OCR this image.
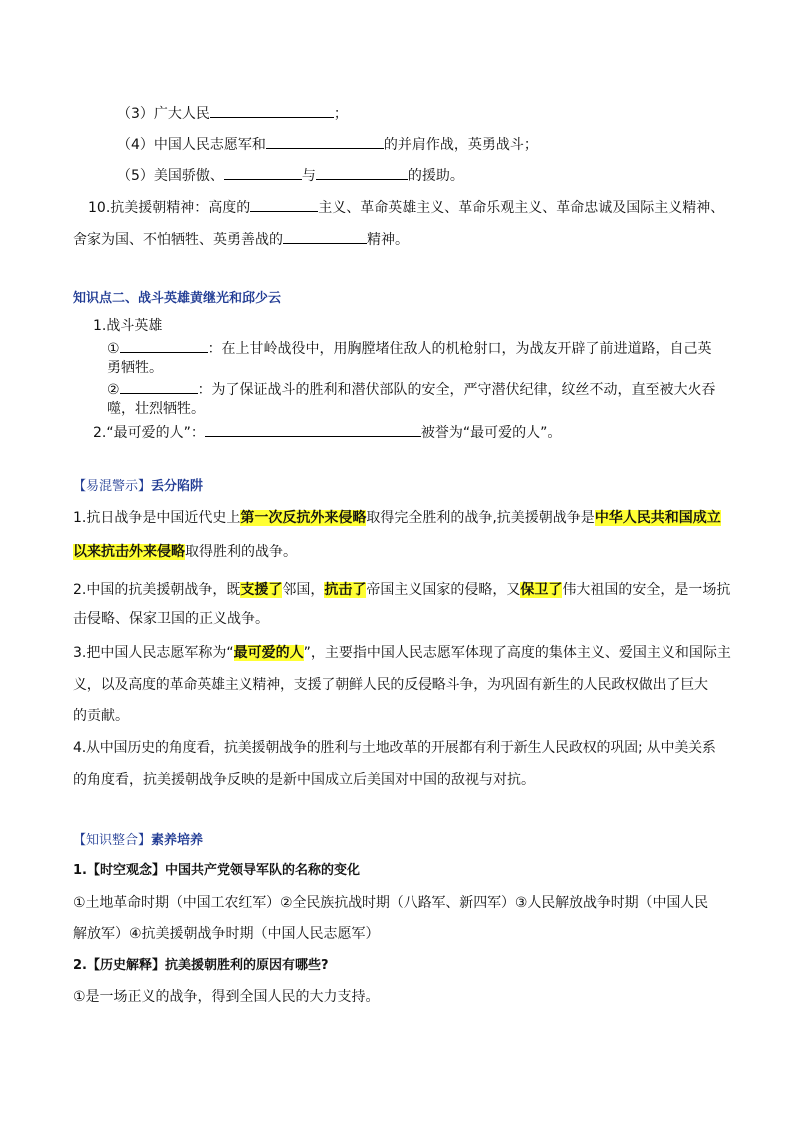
（3）广大人民	；
（4）中国人民志愿军和	的并肩作战，英勇战斗；
（5）美国骄傲、	与	的援助。
10.抗美援朝精神：高度的	主义、革命英雄主义、革命乐观主义、革命忠诚及国际主义精神、
舍家为国、不怕牺牲、英勇善战的	精神。
知识点二、战斗英雄黄继光和邱少云
1.战斗英雄
①	：在上甘岭战役中，用胸膛堵住敌人的机枪射口，为战友开辟了前进道路，自己英
勇牺牲。
②	：为了保证战斗的胜利和潜伏部队的安全，严守潜伏纪律，纹丝不动，直至被大火吞
噬，壮烈牺牲。
2.“最可爱的人”：	被誉为“最可爱的人”。
【易混警示】丢分陷阱
1.抗日战争是中国近代史上第一次反抗外来侵略取得完全胜利的战争,抗美援朝战争是中华人民共和国成立
以来抗击外来侵略取得胜利的战争。
2.中国的抗美援朝战争，既支援了邻国，抗击了帝国主义国家的侵略，又保卫了伟大祖国的安全，是一场抗
击侵略、保家卫国的正义战争。
3.把中国人民志愿军称为“最可爱的人”，主要指中国人民志愿军体现了高度的集体主义、爱国主义和国际主
义，以及高度的革命英雄主义精神，支援了朝鲜人民的反侵略斗争，为巩固有新生的人民政权做出了巨大
的贡献。
4.从中国历史的角度看，抗美援朝战争的胜利与土地改革的开展都有利于新生人民政权的巩固; 从中美关系
的角度看，抗美援朝战争反映的是新中国成立后美国对中国的敌视与对抗。
【知识整合】素养培养
1.【时空观念】中国共产党领导军队的名称的变化
①土地革命时期（中国工农红军）②全民族抗战时期（八路军、新四军）③人民解放战争时期（中国人民
解放军）④抗美援朝战争时期（中国人民志愿军）
2.【历史解释】抗美援朝胜利的原因有哪些?
①是一场正义的战争，得到全国人民的大力支持。
